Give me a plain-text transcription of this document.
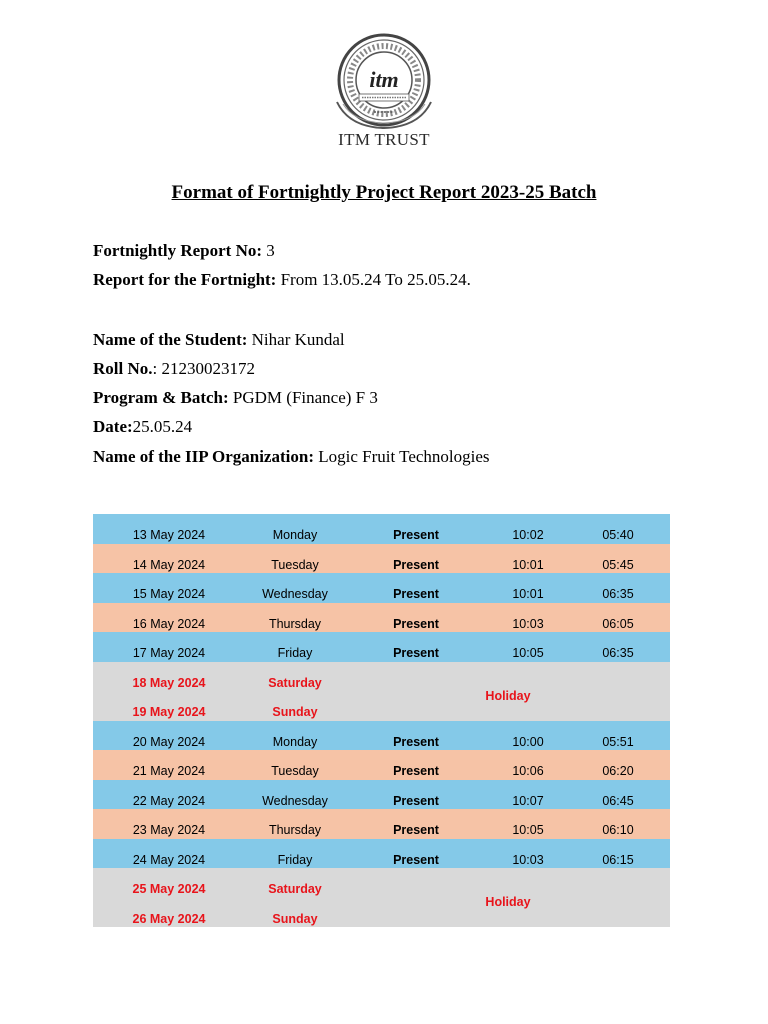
itm
ITM TRUST
Format of Fortnightly Project Report 2023-25 Batch
Fortnightly Report No: 3
Report for the Fortnight: From 13.05.24 To 25.05.24.
Name of the Student: Nihar Kundal
Roll No.: 21230023172
Program & Batch: PGDM (Finance) F 3
Date:25.05.24
Name of the IIP Organization: Logic Fruit Technologies
13 May 2024	Monday	Present	10:02	05:40
14 May 2024	Tuesday	Present	10:01	05:45
15 May 2024	Wednesday	Present	10:01	06:35
16 May 2024	Thursday	Present	10:03	06:05
17 May 2024	Friday	Present	10:05	06:35
18 May 2024	Saturday
19 May 2024	Sunday
Holiday
20 May 2024	Monday	Present	10:00	05:51
21 May 2024	Tuesday	Present	10:06	06:20
22 May 2024	Wednesday	Present	10:07	06:45
23 May 2024	Thursday	Present	10:05	06:10
24 May 2024	Friday	Present	10:03	06:15
25 May 2024	Saturday
26 May 2024	Sunday
Holiday
